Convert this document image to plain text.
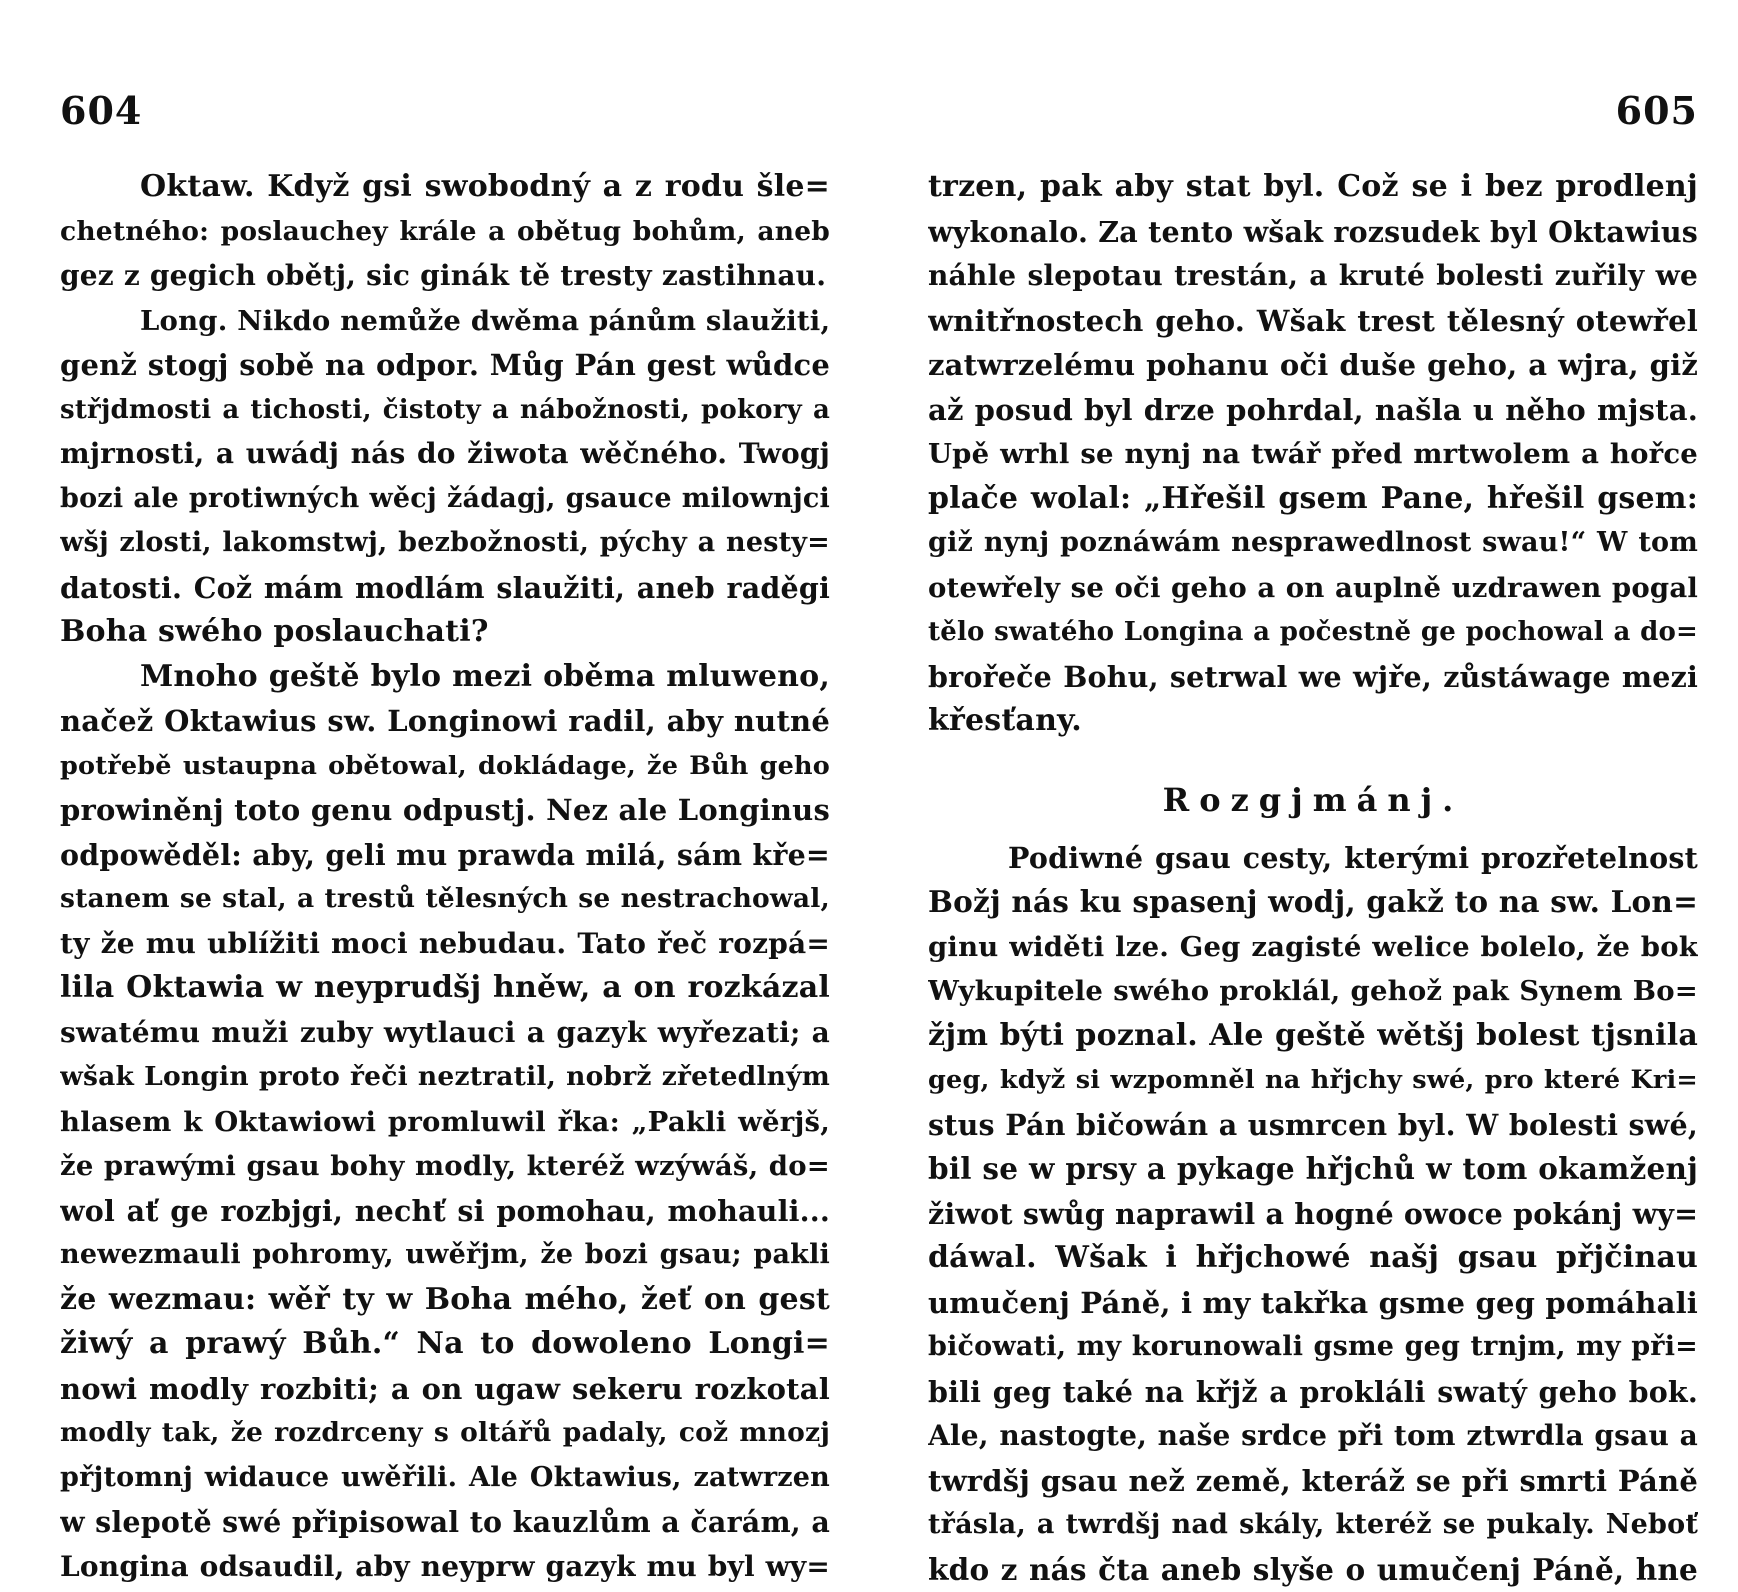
604
Oktaw. Když gsi swobodný a z rodu šle=
chetného: poslauchey krále a obětug bohům, aneb
gez z gegich obětj, sic ginák tě tresty zastihnau.
Long. Nikdo nemůže dwěma pánům slaužiti,
genž stogj sobě na odpor. Můg Pán gest wůdce
střjdmosti a tichosti, čistoty a nábožnosti, pokory a
mjrnosti, a uwádj nás do žiwota wěčného. Twogj
bozi ale protiwných wěcj žádagj, gsauce milownjci
wšj zlosti, lakomstwj, bezbožnosti, pýchy a nesty=
datosti. Což mám modlám slaužiti, aneb raděgi
Boha swého poslauchati?
Mnoho geště bylo mezi oběma mluweno,
načež Oktawius sw. Longinowi radil, aby nutné
potřebě ustaupna obětowal, dokládage, že Bůh geho
prowiněnj toto genu odpustj. Nez ale Longinus
odpowěděl: aby, geli mu prawda milá, sám kře=
stanem se stal, a trestů tělesných se nestrachowal,
ty že mu ublížiti moci nebudau. Tato řeč rozpá=
lila Oktawia w neyprudšj hněw, a on rozkázal
swatému muži zuby wytlauci a gazyk wyřezati; a
wšak Longin proto řeči neztratil, nobrž zřetedlným
hlasem k Oktawiowi promluwil řka: „Pakli wěrjš,
že prawými gsau bohy modly, kteréž wzýwáš, do=
wol ať ge rozbjgi, nechť si pomohau, mohauli...
newezmauli pohromy, uwěřjm, že bozi gsau; pakli
že wezmau: wěř ty w Boha mého, žeť on gest
žiwý a prawý Bůh.“ Na to dowoleno Longi=
nowi modly rozbiti; a on ugaw sekeru rozkotal
modly tak, že rozdrceny s oltářů padaly, což mnozj
přjtomnj widauce uwěřili. Ale Oktawius, zatwrzen
w slepotě swé připisowal to kauzlům a čarám, a
Longina odsaudil, aby neyprw gazyk mu byl wy=
605
trzen, pak aby stat byl. Což se i bez prodlenj
wykonalo. Za tento wšak rozsudek byl Oktawius
náhle slepotau trestán, a kruté bolesti zuřily we
wnitřnostech geho. Wšak trest tělesný otewřel
zatwrzelému pohanu oči duše geho, a wjra, giž
až posud byl drze pohrdal, našla u něho mjsta.
Upě wrhl se nynj na twář před mrtwolem a hořce
plače wolal: „Hřešil gsem Pane, hřešil gsem:
giž nynj poznáwám nesprawedlnost swau!“ W tom
otewřely se oči geho a on auplně uzdrawen pogal
tělo swatého Longina a počestně ge pochowal a do=
brořeče Bohu, setrwal we wjře, zůstáwage mezi
křesťany.
Rozgjmánj.
Podiwné gsau cesty, kterými prozřetelnost
Božj nás ku spasenj wodj, gakž to na sw. Lon=
ginu widěti lze. Geg zagisté welice bolelo, že bok
Wykupitele swého proklál, gehož pak Synem Bo=
žjm býti poznal. Ale geště wětšj bolest tjsnila
geg, když si wzpomněl na hřjchy swé, pro které Kri=
stus Pán bičowán a usmrcen byl. W bolesti swé,
bil se w prsy a pykage hřjchů w tom okamženj
žiwot swůg naprawil a hogné owoce pokánj wy=
dáwal. Wšak i hřjchowé našj gsau přjčinau
umučenj Páně, i my takřka gsme geg pomáhali
bičowati, my korunowali gsme geg trnjm, my při=
bili geg také na křjž a prokláli swatý geho bok.
Ale, nastogte, naše srdce při tom ztwrdla gsau a
twrdšj gsau než země, kteráž se při smrti Páně
třásla, a twrdšj nad skály, kteréž se pukaly. Neboť
kdo z nás čta aneb slyše o umučenj Páně, hne
